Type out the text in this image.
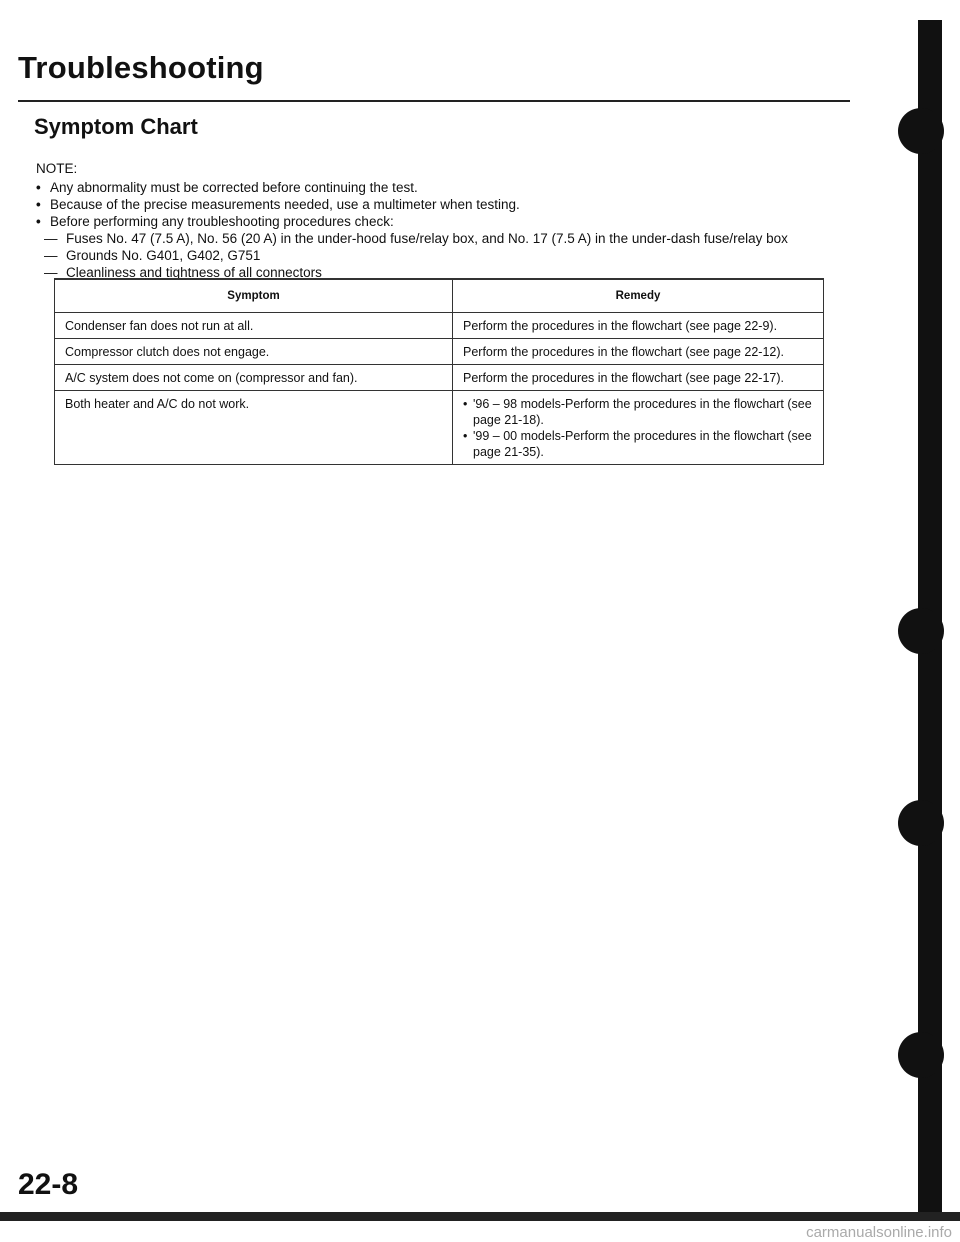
Troubleshooting
Symptom Chart
NOTE:
• Any abnormality must be corrected before continuing the test.
• Because of the precise measurements needed, use a multimeter when testing.
• Before performing any troubleshooting procedures check:
— Fuses No. 47 (7.5 A), No. 56 (20 A) in the under-hood fuse/relay box, and No. 17 (7.5 A) in the under-dash fuse/relay box
— Grounds No. G401, G402, G751
— Cleanliness and tightness of all connectors
Symptom	Remedy
Condenser fan does not run at all.	Perform the procedures in the flowchart (see page 22-9).
Compressor clutch does not engage.	Perform the procedures in the flowchart (see page 22-12).
A/C system does not come on (compressor and fan).	Perform the procedures in the flowchart (see page 22-17).
Both heater and A/C do not work.	• '96 – 98 models-Perform the procedures in the flowchart (see page 21-18).
• '99 – 00 models-Perform the procedures in the flowchart (see page 21-35).
22-8
carmanualsonline.info
